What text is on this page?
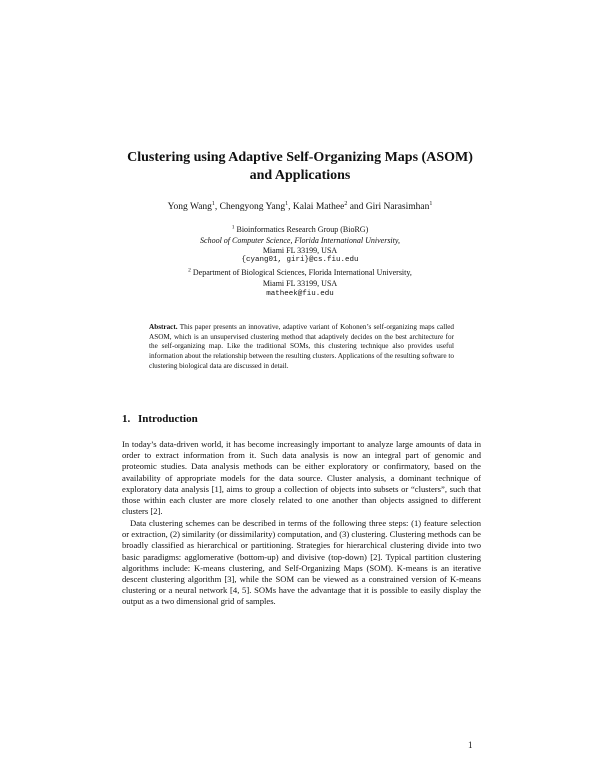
Clustering using Adaptive Self-Organizing Maps (ASOM)
and Applications
Yong Wang$^1$, Chengyong Yang$^1$, Kalai Mathee$^2$ and Giri Narasimhan$^1$
$^1$ Bioinformatics Research Group (BioRG)
School of Computer Science, Florida International University,
Miami FL 33199, USA
{cyang01, giri}@cs.fiu.edu
$^2$ Department of Biological Sciences, Florida International University,
Miami FL 33199, USA
matheek@fiu.edu

Abstract. This paper presents an innovative, adaptive variant of Kohonen’s self-organizing maps called ASOM, which is an unsupervised clustering method that adaptively decides on the best architecture for the self-organizing map. Like the traditional SOMs, this clustering technique also provides useful information about the relationship between the resulting clusters. Applications of the resulting software to clustering biological data are discussed in detail.

1. Introduction

In today’s data-driven world, it has become increasingly important to analyze large amounts of data in order to extract information from it. Such data analysis is now an integral part of genomic and proteomic studies. Data analysis methods can be either exploratory or confirmatory, based on the availability of appropriate models for the data source. Cluster analysis, a dominant technique of exploratory data analysis [1], aims to group a collection of objects into subsets or “clusters”, such that those within each cluster are more closely related to one another than objects assigned to different clusters [2].

Data clustering schemes can be described in terms of the following three steps: (1) feature selection or extraction, (2) similarity (or dissimilarity) computation, and (3) clustering. Clustering methods can be broadly classified as hierarchical or partitioning. Strategies for hierarchical clustering divide into two basic paradigms: agglomerative (bottom-up) and divisive (top-down) [2]. Typical partition clustering algorithms include: K-means clustering, and Self-Organizing Maps (SOM). K-means is an iterative descent clustering algorithm [3], while the SOM can be viewed as a constrained version of K-means clustering or a neural network [4, 5]. SOMs have the advantage that it is possible to easily display the output as a two dimensional grid of samples.

1
